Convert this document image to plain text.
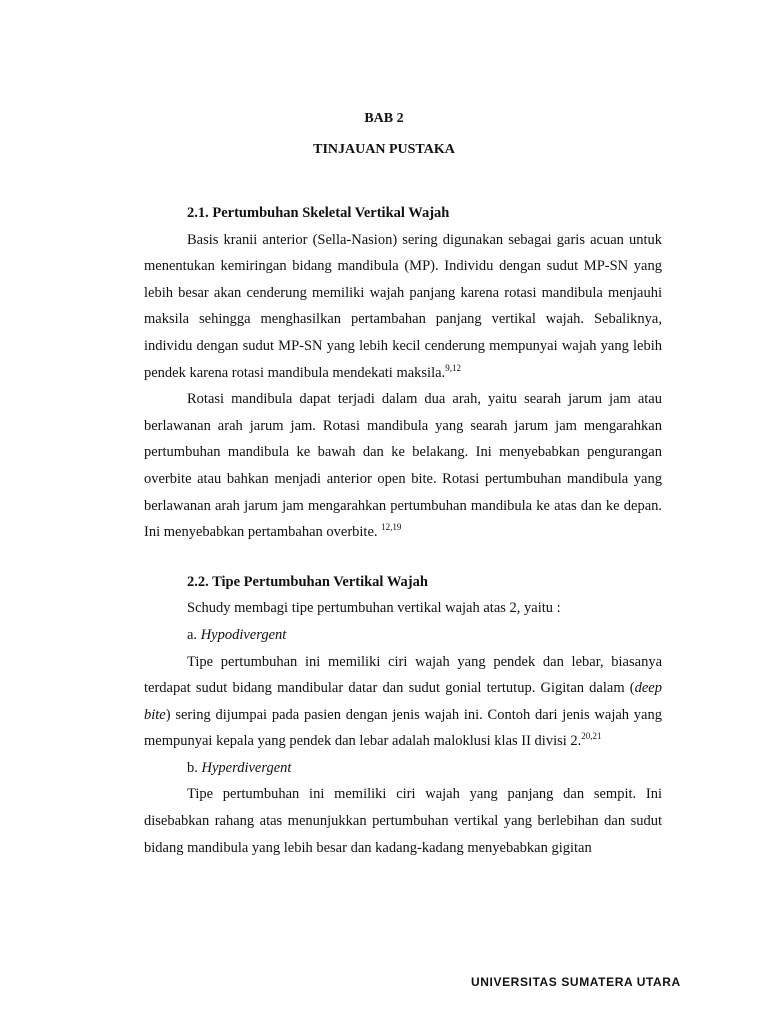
BAB 2
TINJAUAN PUSTAKA

2.1. Pertumbuhan Skeletal Vertikal Wajah

Basis kranii anterior (Sella-Nasion) sering digunakan sebagai garis acuan untuk menentukan kemiringan bidang mandibula (MP). Individu dengan sudut MP-SN yang lebih besar akan cenderung memiliki wajah panjang karena rotasi mandibula menjauhi maksila sehingga menghasilkan pertambahan panjang vertikal wajah. Sebaliknya, individu dengan sudut MP-SN yang lebih kecil cenderung mempunyai wajah yang lebih pendek karena rotasi mandibula mendekati maksila.$^{9,12}$

Rotasi mandibula dapat terjadi dalam dua arah, yaitu searah jarum jam atau berlawanan arah jarum jam. Rotasi mandibula yang searah jarum jam mengarahkan pertumbuhan mandibula ke bawah dan ke belakang. Ini menyebabkan pengurangan overbite atau bahkan menjadi anterior open bite. Rotasi pertumbuhan mandibula yang berlawanan arah jarum jam mengarahkan pertumbuhan mandibula ke atas dan ke depan. Ini menyebabkan pertambahan overbite. $^{12,19}$

2.2. Tipe Pertumbuhan Vertikal Wajah

Schudy membagi tipe pertumbuhan vertikal wajah atas 2, yaitu :

a. Hypodivergent

Tipe pertumbuhan ini memiliki ciri wajah yang pendek dan lebar, biasanya terdapat sudut bidang mandibular datar dan sudut gonial tertutup. Gigitan dalam (deep bite) sering dijumpai pada pasien dengan jenis wajah ini. Contoh dari jenis wajah yang mempunyai kepala yang pendek dan lebar adalah maloklusi klas II divisi 2.$^{20,21}$

b. Hyperdivergent

Tipe pertumbuhan ini memiliki ciri wajah yang panjang dan sempit. Ini disebabkan rahang atas menunjukkan pertumbuhan vertikal yang berlebihan dan sudut bidang mandibula yang lebih besar dan kadang-kadang menyebabkan gigitan

UNIVERSITAS SUMATERA UTARA
